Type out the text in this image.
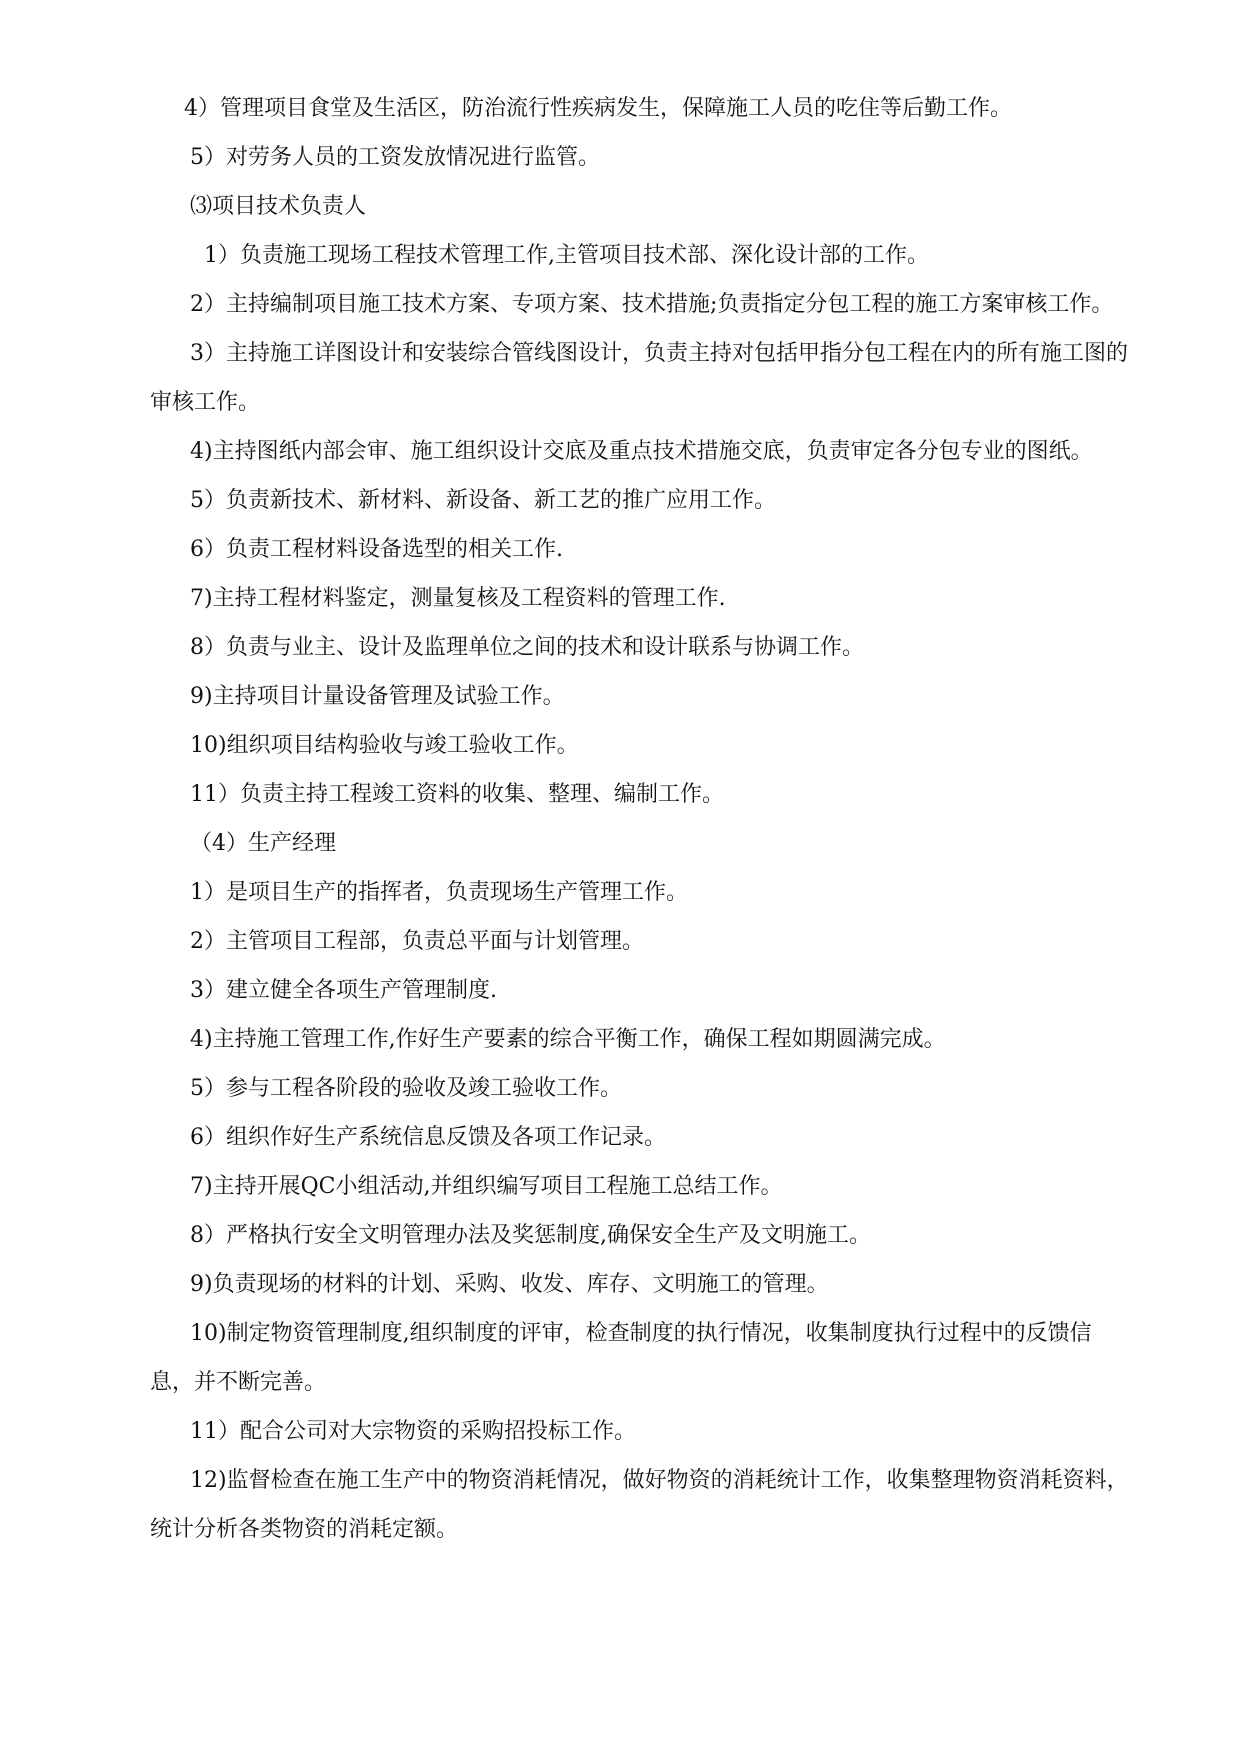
4）管理项目食堂及生活区，防治流行性疾病发生，保障施工人员的吃住等后勤工作。

5）对劳务人员的工资发放情况进行监管。

⑶项目技术负责人

1）负责施工现场工程技术管理工作,主管项目技术部、深化设计部的工作。

2）主持编制项目施工技术方案、专项方案、技术措施;负责指定分包工程的施工方案审核工作。

3）主持施工详图设计和安装综合管线图设计，负责主持对包括甲指分包工程在内的所有施工图的审核工作。

4)主持图纸内部会审、施工组织设计交底及重点技术措施交底，负责审定各分包专业的图纸。

5）负责新技术、新材料、新设备、新工艺的推广应用工作。

6）负责工程材料设备选型的相关工作.

7)主持工程材料鉴定，测量复核及工程资料的管理工作.

8）负责与业主、设计及监理单位之间的技术和设计联系与协调工作。

9)主持项目计量设备管理及试验工作。

10)组织项目结构验收与竣工验收工作。

11）负责主持工程竣工资料的收集、整理、编制工作。

（4）生产经理

1）是项目生产的指挥者，负责现场生产管理工作。

2）主管项目工程部，负责总平面与计划管理。

3）建立健全各项生产管理制度.

4)主持施工管理工作,作好生产要素的综合平衡工作，确保工程如期圆满完成。

5）参与工程各阶段的验收及竣工验收工作。

6）组织作好生产系统信息反馈及各项工作记录。

7)主持开展QC小组活动,并组织编写项目工程施工总结工作。

8）严格执行安全文明管理办法及奖惩制度,确保安全生产及文明施工。

9)负责现场的材料的计划、采购、收发、库存、文明施工的管理。

10)制定物资管理制度,组织制度的评审，检查制度的执行情况，收集制度执行过程中的反馈信息，并不断完善。

11）配合公司对大宗物资的采购招投标工作。

12)监督检查在施工生产中的物资消耗情况，做好物资的消耗统计工作，收集整理物资消耗资料，统计分析各类物资的消耗定额。
